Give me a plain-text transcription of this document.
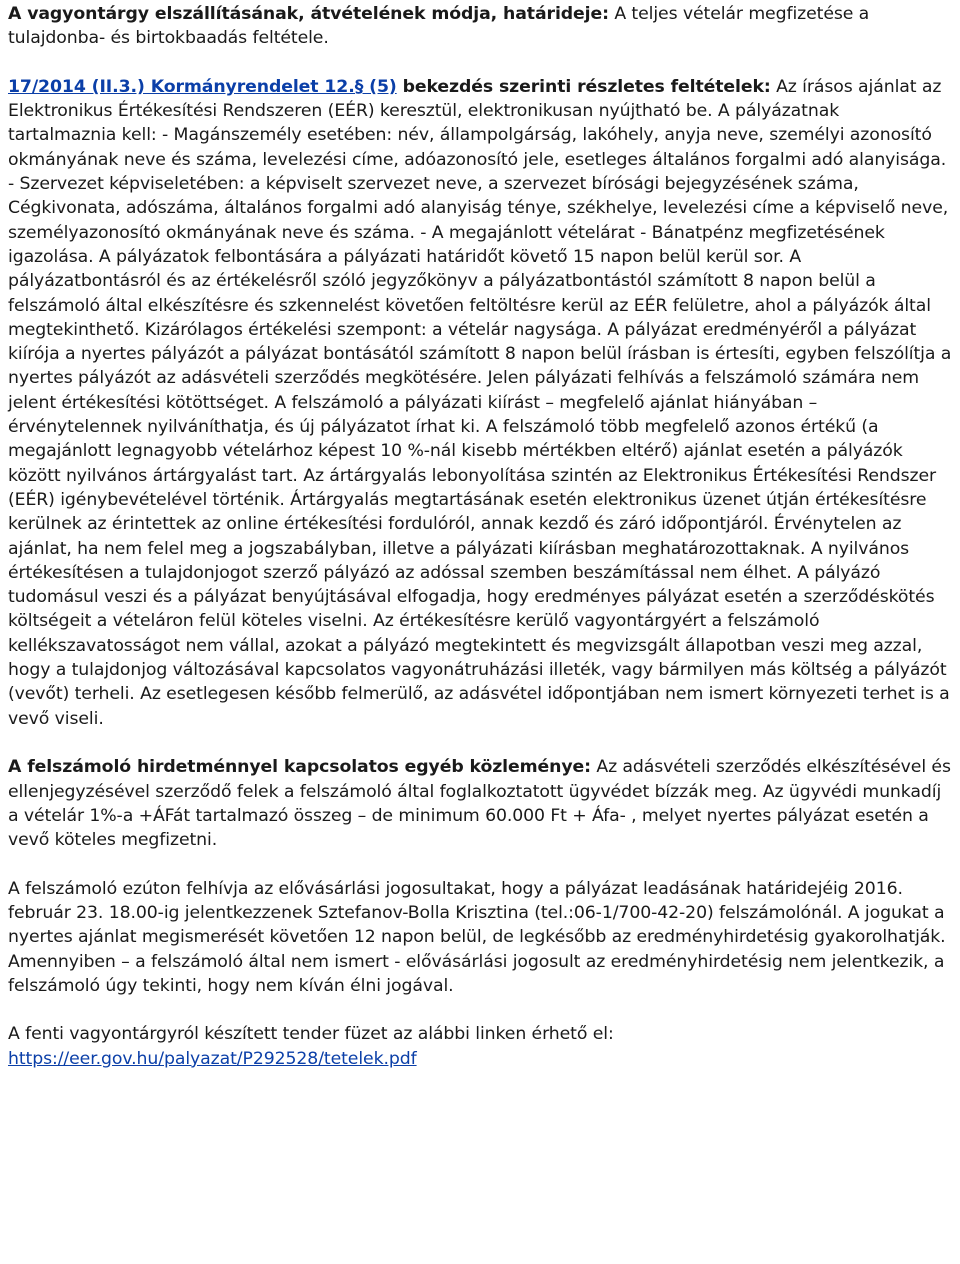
A vagyontárgy elszállításának, átvételének módja, határideje: A teljes vételár megfizetése a tulajdonba- és birtokbaadás feltétele.

17/2014 (II.3.) Kormányrendelet 12.§ (5) bekezdés szerinti részletes feltételek: Az írásos ajánlat az Elektronikus Értékesítési Rendszeren (EÉR) keresztül, elektronikusan nyújtható be. A pályázatnak tartalmaznia kell: - Magánszemély esetében: név, állampolgárság, lakóhely, anyja neve, személyi azonosító okmányának neve és száma, levelezési címe, adóazonosító jele, esetleges általános forgalmi adó alanyisága. - Szervezet képviseletében: a képviselt szervezet neve, a szervezet bírósági bejegyzésének száma, Cégkivonata, adószáma, általános forgalmi adó alanyiság ténye, székhelye, levelezési címe a képviselő neve, személyazonosító okmányának neve és száma. - A megajánlott vételárat - Bánatpénz megfizetésének igazolása. A pályázatok felbontására a pályázati határidőt követő 15 napon belül kerül sor. A pályázatbontásról és az értékelésről szóló jegyzőkönyv a pályázatbontástól számított 8 napon belül a felszámoló által elkészítésre és szkennelést követően feltöltésre kerül az EÉR felületre, ahol a pályázók által megtekinthető. Kizárólagos értékelési szempont: a vételár nagysága. A pályázat eredményéről a pályázat kiírója a nyertes pályázót a pályázat bontásától számított 8 napon belül írásban is értesíti, egyben felszólítja a nyertes pályázót az adásvételi szerződés megkötésére. Jelen pályázati felhívás a felszámoló számára nem jelent értékesítési kötöttséget. A felszámoló a pályázati kiírást – megfelelő ajánlat hiányában – érvénytelennek nyilváníthatja, és új pályázatot írhat ki. A felszámoló több megfelelő azonos értékű (a megajánlott legnagyobb vételárhoz képest 10 %-nál kisebb mértékben eltérő) ajánlat esetén a pályázók között nyilvános ártárgyalást tart. Az ártárgyalás lebonyolítása szintén az Elektronikus Értékesítési Rendszer (EÉR) igénybevételével történik. Ártárgyalás megtartásának esetén elektronikus üzenet útján értékesítésre kerülnek az érintettek az online értékesítési fordulóról, annak kezdő és záró időpontjáról. Érvénytelen az ajánlat, ha nem felel meg a jogszabályban, illetve a pályázati kiírásban meghatározottaknak. A nyilvános értékesítésen a tulajdonjogot szerző pályázó az adóssal szemben beszámítással nem élhet. A pályázó tudomásul veszi és a pályázat benyújtásával elfogadja, hogy eredményes pályázat esetén a szerződéskötés költségeit a vételáron felül köteles viselni. Az értékesítésre kerülő vagyontárgyért a felszámoló kellékszavatosságot nem vállal, azokat a pályázó megtekintett és megvizsgált állapotban veszi meg azzal, hogy a tulajdonjog változásával kapcsolatos vagyonátruházási illeték, vagy bármilyen más költség a pályázót (vevőt) terheli. Az esetlegesen később felmerülő, az adásvétel időpontjában nem ismert környezeti terhet is a vevő viseli.

A felszámoló hirdetménnyel kapcsolatos egyéb közleménye: Az adásvételi szerződés elkészítésével és ellenjegyzésével szerződő felek a felszámoló által foglalkoztatott ügyvédet bízzák meg. Az ügyvédi munkadíj a vételár 1%-a +ÁFát tartalmazó összeg – de minimum 60.000 Ft + Áfa- , melyet nyertes pályázat esetén a vevő köteles megfizetni.

A felszámoló ezúton felhívja az elővásárlási jogosultakat, hogy a pályázat leadásának határidejéig 2016. február 23. 18.00-ig jelentkezzenek Sztefanov-Bolla Krisztina (tel.:06-1/700-42-20) felszámolónál. A jogukat a nyertes ajánlat megismerését követően 12 napon belül, de legkésőbb az eredményhirdetésig gyakorolhatják. Amennyiben – a felszámoló által nem ismert - elővásárlási jogosult az eredményhirdetésig nem jelentkezik, a felszámoló úgy tekinti, hogy nem kíván élni jogával.

A fenti vagyontárgyról készített tender füzet az alábbi linken érhető el:
https://eer.gov.hu/palyazat/P292528/tetelek.pdf
